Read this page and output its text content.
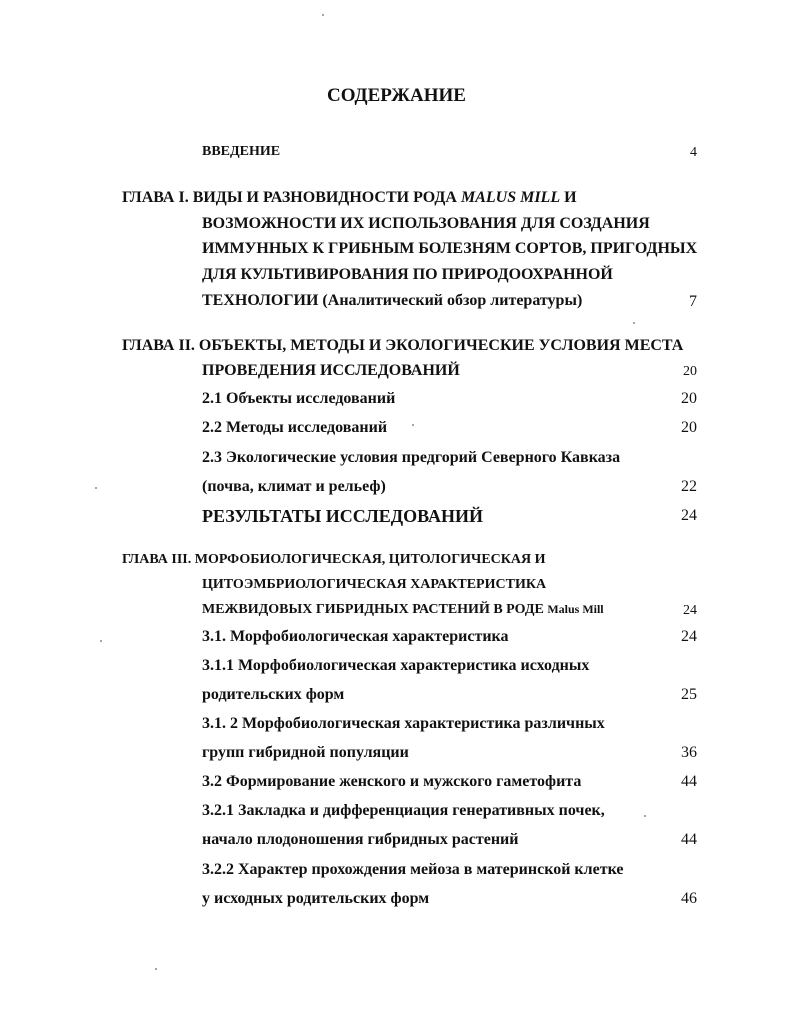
СОДЕРЖАНИЕ
ВВЕДЕНИЕ	4
ГЛАВА I. ВИДЫ И РАЗНОВИДНОСТИ РОДА MALUS MILL И
ВОЗМОЖНОСТИ ИХ ИСПОЛЬЗОВАНИЯ ДЛЯ СОЗДАНИЯ
ИММУННЫХ К ГРИБНЫМ БОЛЕЗНЯМ СОРТОВ, ПРИГОДНЫХ
ДЛЯ КУЛЬТИВИРОВАНИЯ ПО ПРИРОДООХРАННОЙ
ТЕХНОЛОГИИ (Аналитический обзор литературы)	7
ГЛАВА II. ОБЪЕКТЫ, МЕТОДЫ И ЭКОЛОГИЧЕСКИЕ УСЛОВИЯ МЕСТА
ПРОВЕДЕНИЯ ИССЛЕДОВАНИЙ	20
2.1 Объекты исследований	20
2.2 Методы исследований	20
2.3 Экологические условия предгорий Северного Кавказа
(почва, климат и рельеф)	22
РЕЗУЛЬТАТЫ ИССЛЕДОВАНИЙ	24
ГЛАВА III. МОРФОБИОЛОГИЧЕСКАЯ, ЦИТОЛОГИЧЕСКАЯ И
ЦИТОЭМБРИОЛОГИЧЕСКАЯ ХАРАКТЕРИСТИКА
МЕЖВИДОВЫХ ГИБРИДНЫХ РАСТЕНИЙ В РОДЕ Malus Mill	24
3.1. Морфобиологическая характеристика	24
3.1.1 Морфобиологическая характеристика исходных
родительских форм	25
3.1. 2 Морфобиологическая характеристика различных
групп гибридной популяции	36
3.2 Формирование женского и мужского гаметофита	44
3.2.1 Закладка и дифференциация генеративных почек,
начало плодоношения гибридных растений	44
3.2.2 Характер прохождения мейоза в материнской клетке
у исходных родительских форм	46
